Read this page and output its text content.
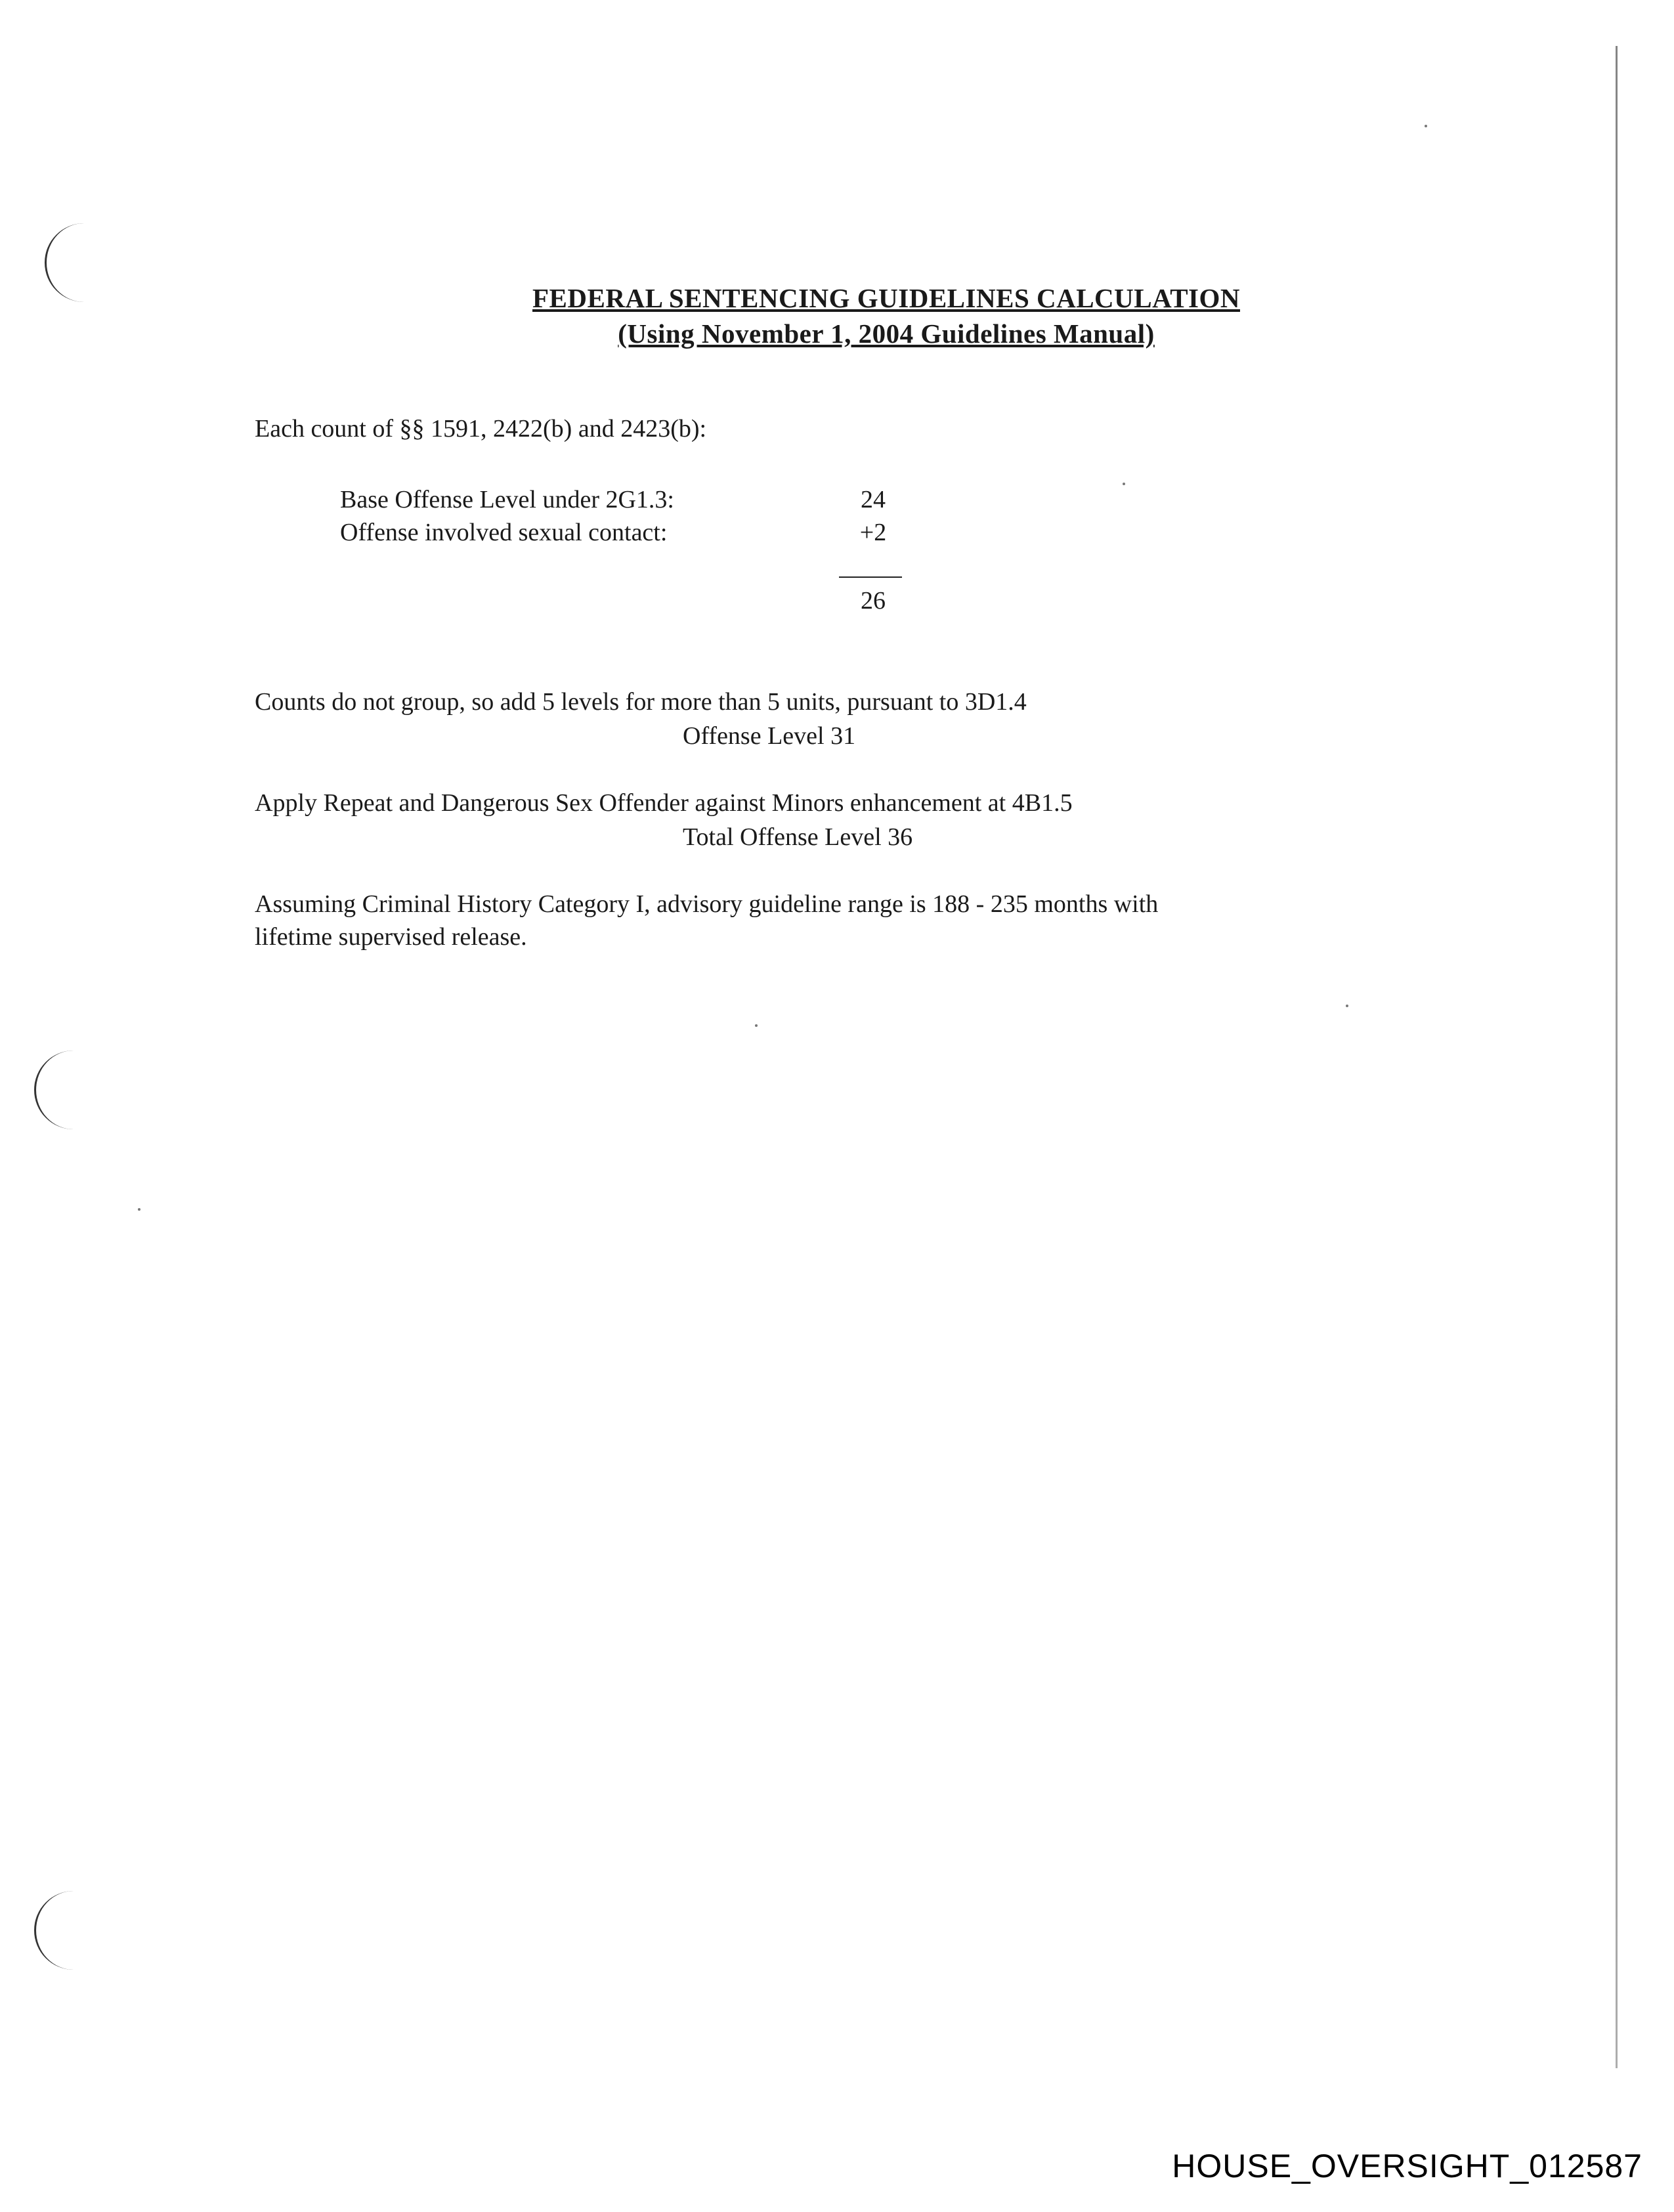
FEDERAL SENTENCING GUIDELINES CALCULATION
(Using November 1, 2004 Guidelines Manual)
Each count of §§ 1591, 2422(b) and 2423(b):
Base Offense Level under 2G1.3:	24
Offense involved sexual contact:	+2
26
Counts do not group, so add 5 levels for more than 5 units, pursuant to 3D1.4
Offense Level 31
Apply Repeat and Dangerous Sex Offender against Minors enhancement at 4B1.5
Total Offense Level 36
Assuming Criminal History Category I, advisory guideline range is 188 - 235 months with
lifetime supervised release.
HOUSE_OVERSIGHT_012587
